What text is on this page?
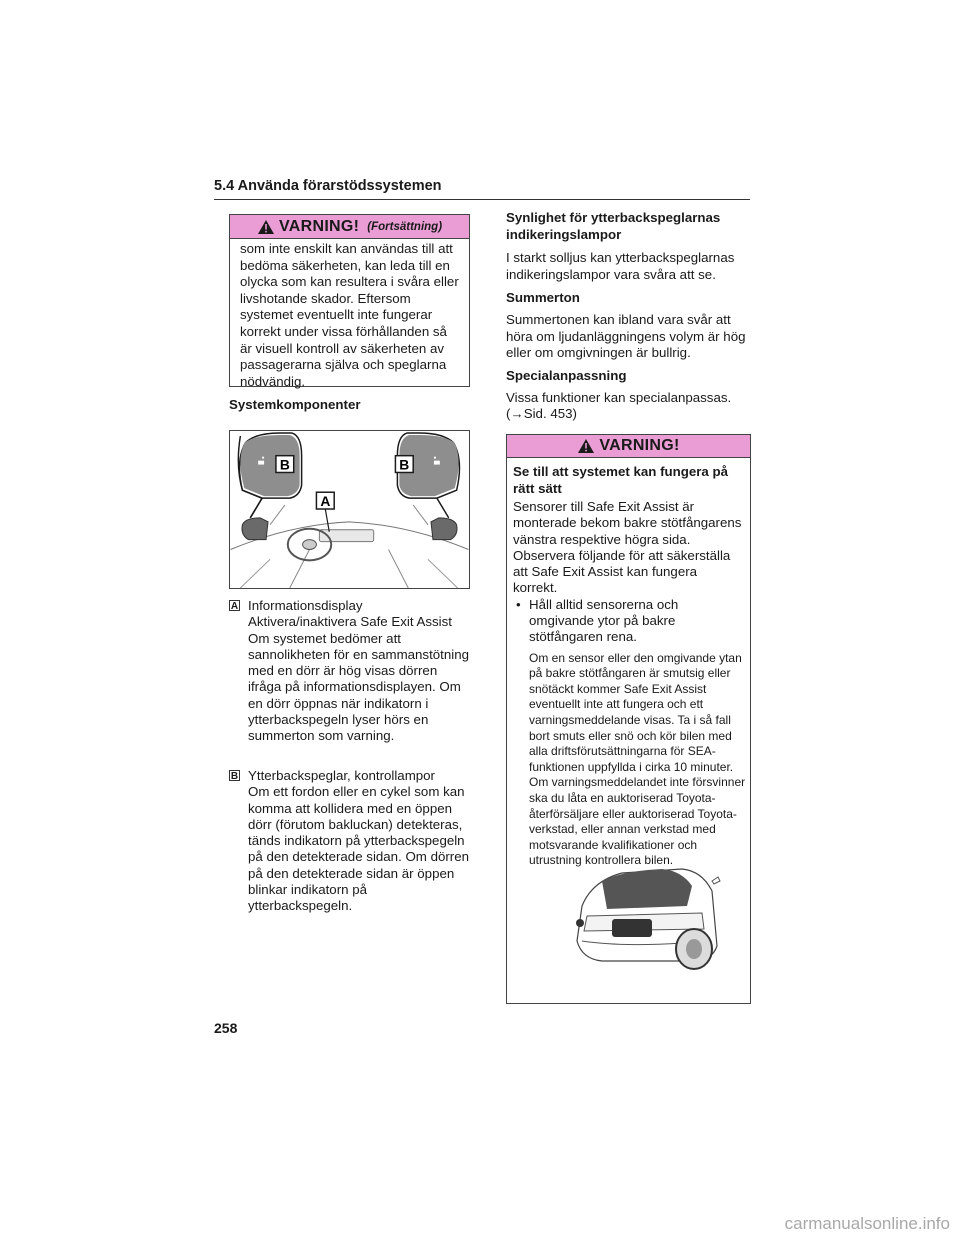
5.4 Använda förarstödssystemen
VARNING! (Fortsättning)
som inte enskilt kan användas till att bedöma säkerheten, kan leda till en olycka som kan resultera i svåra eller livshotande skador. Eftersom systemet eventuellt inte fungerar korrekt under vissa förhållanden så är visuell kontroll av säkerheten av passagerarna själva och speglarna nödvändig.
Systemkomponenter
B	B
A
A Informationsdisplay
Aktivera/inaktivera Safe Exit Assist
Om systemet bedömer att sannolikheten för en sammanstötning med en dörr är hög visas dörren ifråga på informationsdisplayen. Om en dörr öppnas när indikatorn i ytterbackspegeln lyser hörs en summerton som varning.
B Ytterbackspeglar, kontrollampor
Om ett fordon eller en cykel som kan komma att kollidera med en öppen dörr (förutom bakluckan) detekteras, tänds indikatorn på ytterbackspegeln på den detekterade sidan. Om dörren på den detekterade sidan är öppen blinkar indikatorn på ytterbackspegeln.
Synlighet för ytterbackspeglarnas indikeringslampor
I starkt solljus kan ytterbackspeglarnas indikeringslampor vara svåra att se.
Summerton
Summertonen kan ibland vara svår att höra om ljudanläggningens volym är hög eller om omgivningen är bullrig.
Specialanpassning
Vissa funktioner kan specialanpassas.
(→Sid. 453)
VARNING!
Se till att systemet kan fungera på rätt sätt
Sensorer till Safe Exit Assist är monterade bekom bakre stötfångarens vänstra respektive högra sida. Observera följande för att säkerställa att Safe Exit Assist kan fungera korrekt.
• Håll alltid sensorerna och omgivande ytor på bakre stötfångaren rena.
Om en sensor eller den omgivande ytan på bakre stötfångaren är smutsig eller snötäckt kommer Safe Exit Assist eventuellt inte att fungera och ett varningsmeddelande visas. Ta i så fall bort smuts eller snö och kör bilen med alla driftsförutsättningarna för SEA-funktionen uppfyllda i cirka 10 minuter. Om varningsmeddelandet inte försvinner ska du låta en auktoriserad Toyota-återförsäljare eller auktoriserad Toyota-verkstad, eller annan verkstad med motsvarande kvalifikationer och utrustning kontrollera bilen.
258
carmanualsonline.info
